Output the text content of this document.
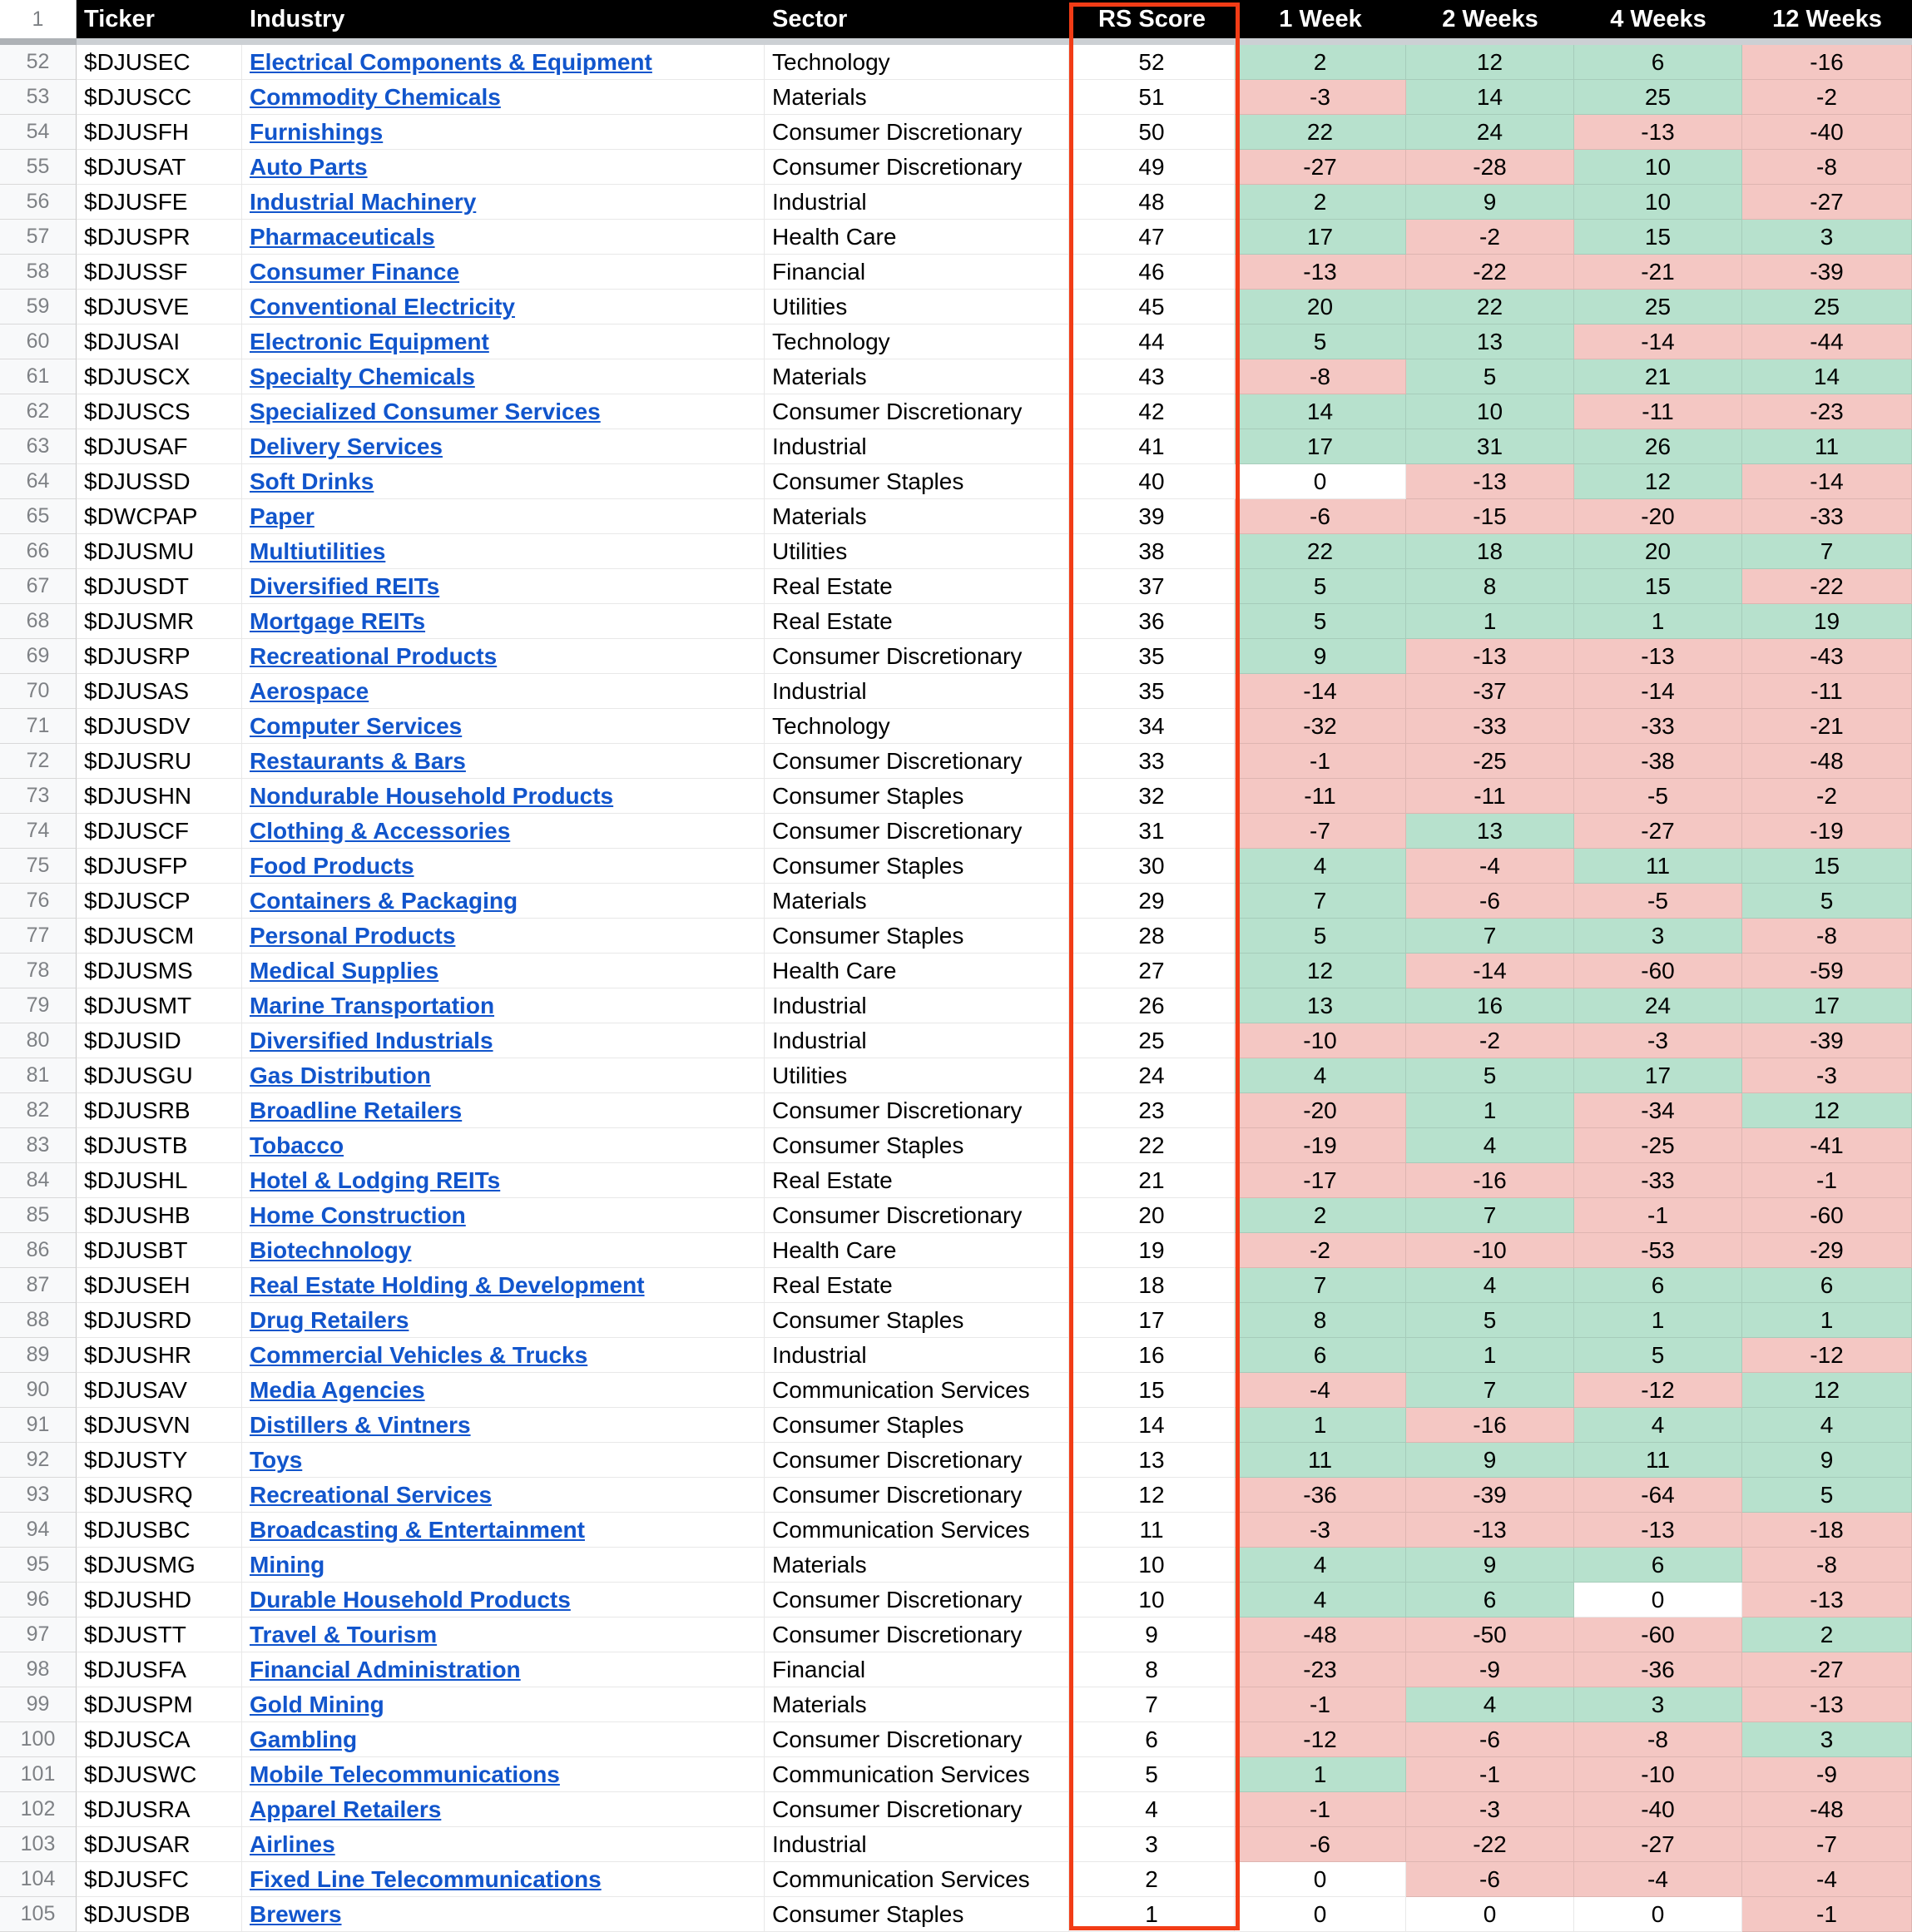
1	Ticker	Industry	Sector	RS Score	1 Week	2 Weeks	4 Weeks	12 Weeks
52	$DJUSEC	Electrical Components & Equipment	Technology	52	2	12	6	-16
53	$DJUSCC	Commodity Chemicals	Materials	51	-3	14	25	-2
54	$DJUSFH	Furnishings	Consumer Discretionary	50	22	24	-13	-40
55	$DJUSAT	Auto Parts	Consumer Discretionary	49	-27	-28	10	-8
56	$DJUSFE	Industrial Machinery	Industrial	48	2	9	10	-27
57	$DJUSPR	Pharmaceuticals	Health Care	47	17	-2	15	3
58	$DJUSSF	Consumer Finance	Financial	46	-13	-22	-21	-39
59	$DJUSVE	Conventional Electricity	Utilities	45	20	22	25	25
60	$DJUSAI	Electronic Equipment	Technology	44	5	13	-14	-44
61	$DJUSCX	Specialty Chemicals	Materials	43	-8	5	21	14
62	$DJUSCS	Specialized Consumer Services	Consumer Discretionary	42	14	10	-11	-23
63	$DJUSAF	Delivery Services	Industrial	41	17	31	26	11
64	$DJUSSD	Soft Drinks	Consumer Staples	40	0	-13	12	-14
65	$DWCPAP	Paper	Materials	39	-6	-15	-20	-33
66	$DJUSMU	Multiutilities	Utilities	38	22	18	20	7
67	$DJUSDT	Diversified REITs	Real Estate	37	5	8	15	-22
68	$DJUSMR	Mortgage REITs	Real Estate	36	5	1	1	19
69	$DJUSRP	Recreational Products	Consumer Discretionary	35	9	-13	-13	-43
70	$DJUSAS	Aerospace	Industrial	35	-14	-37	-14	-11
71	$DJUSDV	Computer Services	Technology	34	-32	-33	-33	-21
72	$DJUSRU	Restaurants & Bars	Consumer Discretionary	33	-1	-25	-38	-48
73	$DJUSHN	Nondurable Household Products	Consumer Staples	32	-11	-11	-5	-2
74	$DJUSCF	Clothing & Accessories	Consumer Discretionary	31	-7	13	-27	-19
75	$DJUSFP	Food Products	Consumer Staples	30	4	-4	11	15
76	$DJUSCP	Containers & Packaging	Materials	29	7	-6	-5	5
77	$DJUSCM	Personal Products	Consumer Staples	28	5	7	3	-8
78	$DJUSMS	Medical Supplies	Health Care	27	12	-14	-60	-59
79	$DJUSMT	Marine Transportation	Industrial	26	13	16	24	17
80	$DJUSID	Diversified Industrials	Industrial	25	-10	-2	-3	-39
81	$DJUSGU	Gas Distribution	Utilities	24	4	5	17	-3
82	$DJUSRB	Broadline Retailers	Consumer Discretionary	23	-20	1	-34	12
83	$DJUSTB	Tobacco	Consumer Staples	22	-19	4	-25	-41
84	$DJUSHL	Hotel & Lodging REITs	Real Estate	21	-17	-16	-33	-1
85	$DJUSHB	Home Construction	Consumer Discretionary	20	2	7	-1	-60
86	$DJUSBT	Biotechnology	Health Care	19	-2	-10	-53	-29
87	$DJUSEH	Real Estate Holding & Development	Real Estate	18	7	4	6	6
88	$DJUSRD	Drug Retailers	Consumer Staples	17	8	5	1	1
89	$DJUSHR	Commercial Vehicles & Trucks	Industrial	16	6	1	5	-12
90	$DJUSAV	Media Agencies	Communication Services	15	-4	7	-12	12
91	$DJUSVN	Distillers & Vintners	Consumer Staples	14	1	-16	4	4
92	$DJUSTY	Toys	Consumer Discretionary	13	11	9	11	9
93	$DJUSRQ	Recreational Services	Consumer Discretionary	12	-36	-39	-64	5
94	$DJUSBC	Broadcasting & Entertainment	Communication Services	11	-3	-13	-13	-18
95	$DJUSMG	Mining	Materials	10	4	9	6	-8
96	$DJUSHD	Durable Household Products	Consumer Discretionary	10	4	6	0	-13
97	$DJUSTT	Travel & Tourism	Consumer Discretionary	9	-48	-50	-60	2
98	$DJUSFA	Financial Administration	Financial	8	-23	-9	-36	-27
99	$DJUSPM	Gold Mining	Materials	7	-1	4	3	-13
100	$DJUSCA	Gambling	Consumer Discretionary	6	-12	-6	-8	3
101	$DJUSWC	Mobile Telecommunications	Communication Services	5	1	-1	-10	-9
102	$DJUSRA	Apparel Retailers	Consumer Discretionary	4	-1	-3	-40	-48
103	$DJUSAR	Airlines	Industrial	3	-6	-22	-27	-7
104	$DJUSFC	Fixed Line Telecommunications	Communication Services	2	0	-6	-4	-4
105	$DJUSDB	Brewers	Consumer Staples	1	0	0	0	-1
